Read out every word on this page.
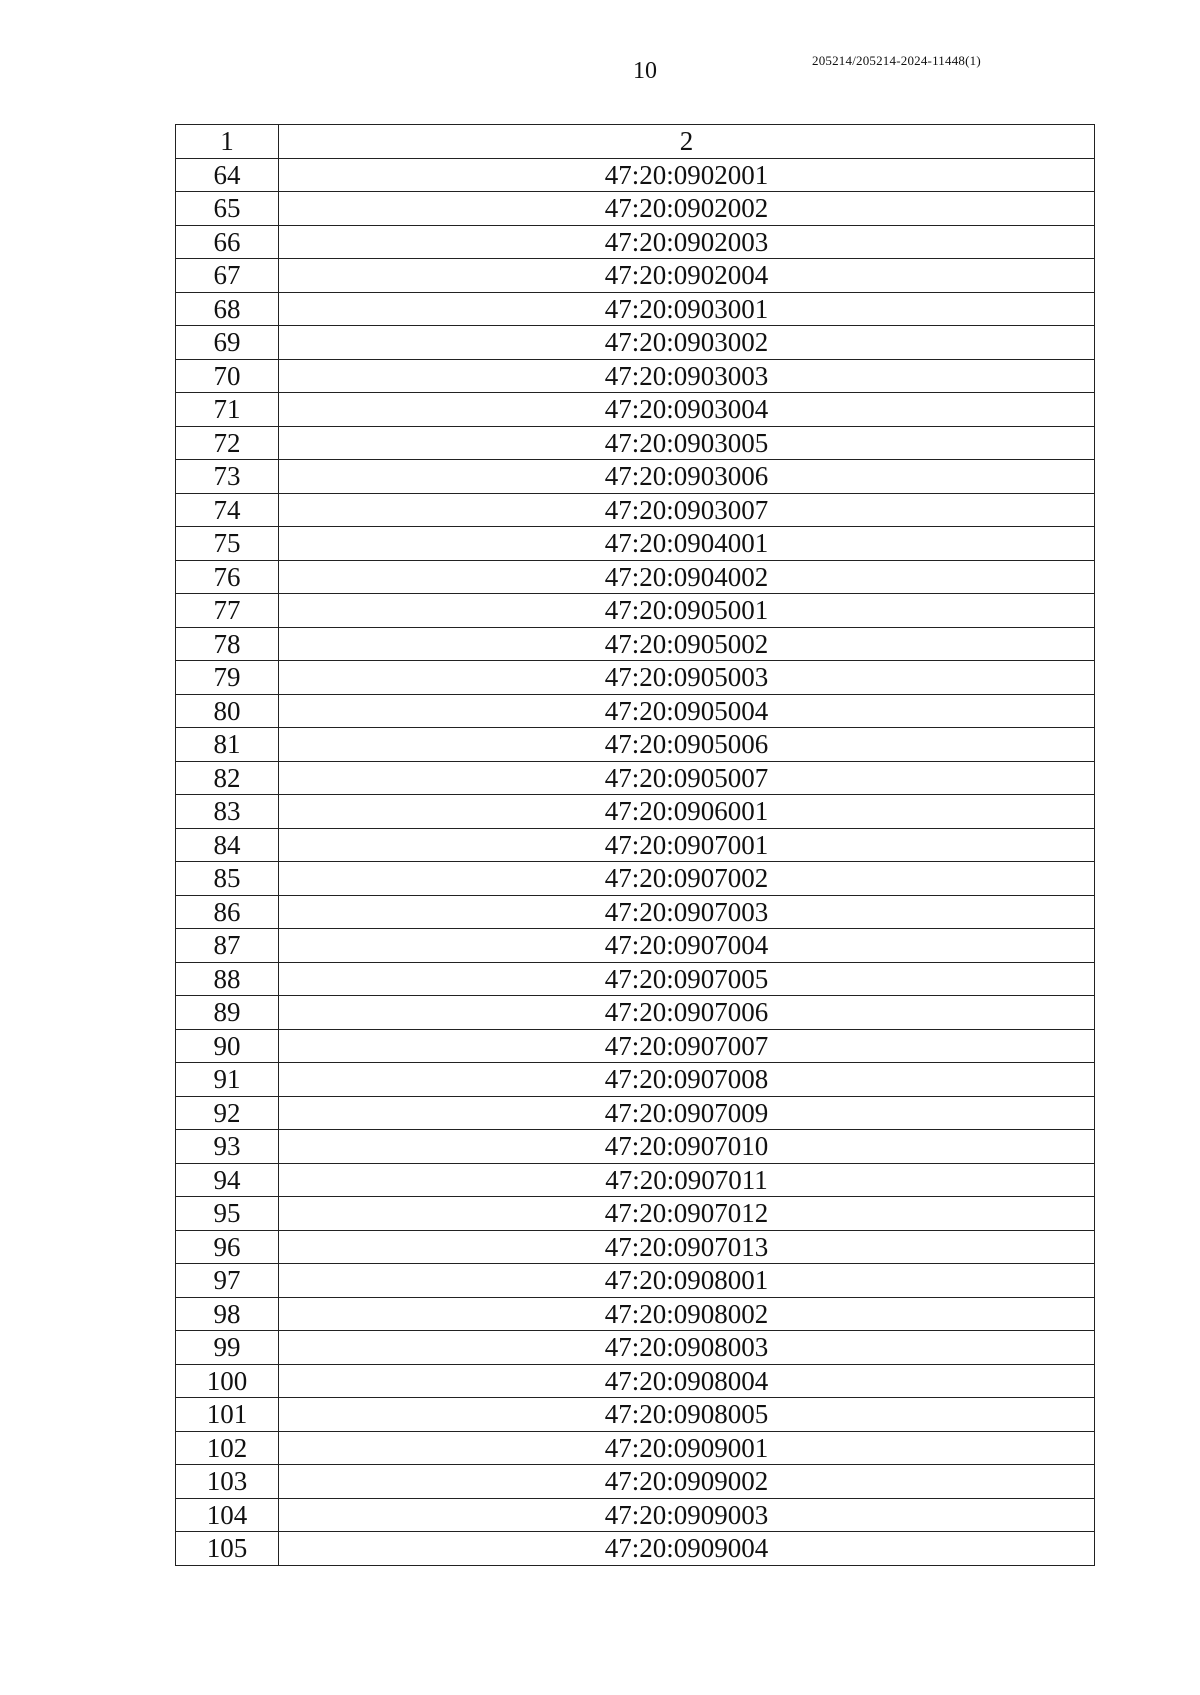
10	205214/205214-2024-11448(1)
1	2
64	47:20:0902001
65	47:20:0902002
66	47:20:0902003
67	47:20:0902004
68	47:20:0903001
69	47:20:0903002
70	47:20:0903003
71	47:20:0903004
72	47:20:0903005
73	47:20:0903006
74	47:20:0903007
75	47:20:0904001
76	47:20:0904002
77	47:20:0905001
78	47:20:0905002
79	47:20:0905003
80	47:20:0905004
81	47:20:0905006
82	47:20:0905007
83	47:20:0906001
84	47:20:0907001
85	47:20:0907002
86	47:20:0907003
87	47:20:0907004
88	47:20:0907005
89	47:20:0907006
90	47:20:0907007
91	47:20:0907008
92	47:20:0907009
93	47:20:0907010
94	47:20:0907011
95	47:20:0907012
96	47:20:0907013
97	47:20:0908001
98	47:20:0908002
99	47:20:0908003
100	47:20:0908004
101	47:20:0908005
102	47:20:0909001
103	47:20:0909002
104	47:20:0909003
105	47:20:0909004
